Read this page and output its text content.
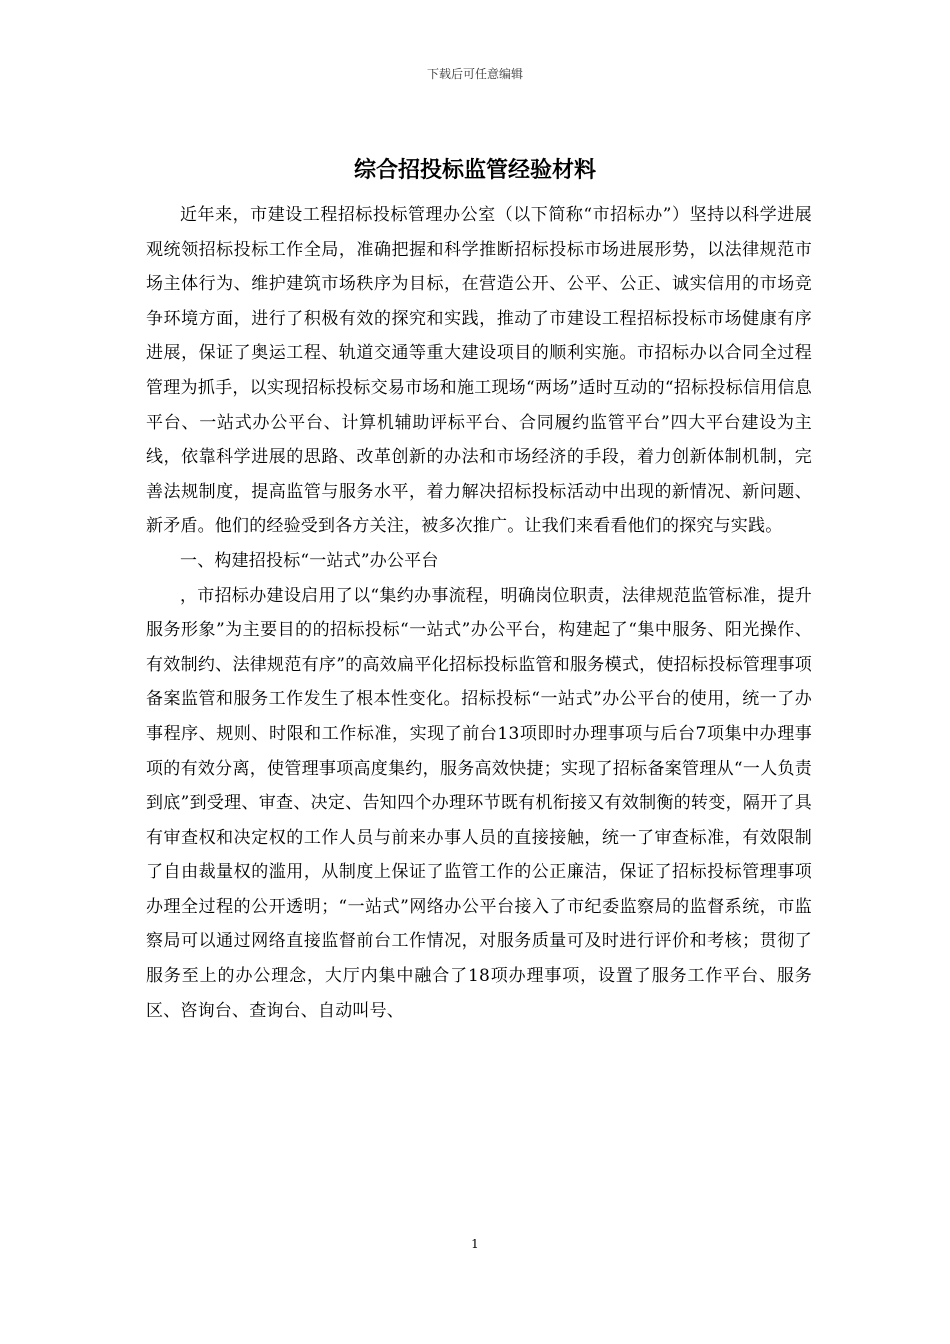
下载后可任意编辑
综合招投标监管经验材料

近年来，市建设工程招标投标管理办公室（以下简称“市招标办”）坚持以科学进展观统领招标投标工作全局，准确把握和科学推断招标投标市场进展形势，以法律规范市场主体行为、维护建筑市场秩序为目标，在营造公开、公平、公正、诚实信用的市场竞争环境方面，进行了积极有效的探究和实践，推动了市建设工程招标投标市场健康有序进展，保证了奥运工程、轨道交通等重大建设项目的顺利实施。市招标办以合同全过程管理为抓手，以实现招标投标交易市场和施工现场“两场”适时互动的“招标投标信用信息平台、一站式办公平台、计算机辅助评标平台、合同履约监管平台”四大平台建设为主线，依靠科学进展的思路、改革创新的办法和市场经济的手段，着力创新体制机制，完善法规制度，提高监管与服务水平，着力解决招标投标活动中出现的新情况、新问题、新矛盾。他们的经验受到各方关注，被多次推广。让我们来看看他们的探究与实践。

一、构建招投标“一站式”办公平台

，市招标办建设启用了以“集约办事流程，明确岗位职责，法律规范监管标准，提升服务形象”为主要目的的招标投标“一站式”办公平台，构建起了“集中服务、阳光操作、有效制约、法律规范有序”的高效扁平化招标投标监管和服务模式，使招标投标管理事项备案监管和服务工作发生了根本性变化。招标投标“一站式”办公平台的使用，统一了办事程序、规则、时限和工作标准，实现了前台13项即时办理事项与后台7项集中办理事项的有效分离，使管理事项高度集约，服务高效快捷；实现了招标备案管理从“一人负责到底”到受理、审查、决定、告知四个办理环节既有机衔接又有效制衡的转变，隔开了具有审查权和决定权的工作人员与前来办事人员的直接接触，统一了审查标准，有效限制了自由裁量权的滥用，从制度上保证了监管工作的公正廉洁，保证了招标投标管理事项办理全过程的公开透明；“一站式”网络办公平台接入了市纪委监察局的监督系统，市监察局可以通过网络直接监督前台工作情况，对服务质量可及时进行评价和考核；贯彻了服务至上的办公理念，大厅内集中融合了18项办理事项，设置了服务工作平台、服务区、咨询台、查询台、自动叫号、

1
